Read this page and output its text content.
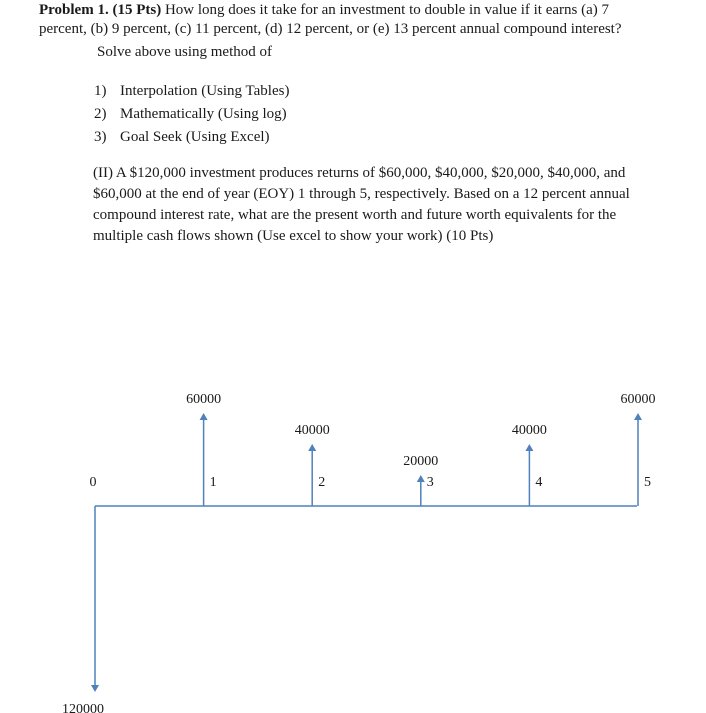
Problem 1. (15 Pts) How long does it take for an investment to double in value if it earns (a) 7
percent, (b) 9 percent, (c) 11 percent, (d) 12 percent, or (e) 13 percent annual compound interest?
Solve above using method of
1) Interpolation (Using Tables)
2) Mathematically (Using log)
3) Goal Seek (Using Excel)
(II) A $120,000 investment produces returns of $60,000, $40,000, $20,000, $40,000, and
$60,000 at the end of year (EOY) 1 through 5, respectively. Based on a 12 percent annual
compound interest rate, what are the present worth and future worth equivalents for the
multiple cash flows shown (Use excel to show your work) (10 Pts)
0
120000
1
60000
2
40000
3
20000
4
40000
5
60000
